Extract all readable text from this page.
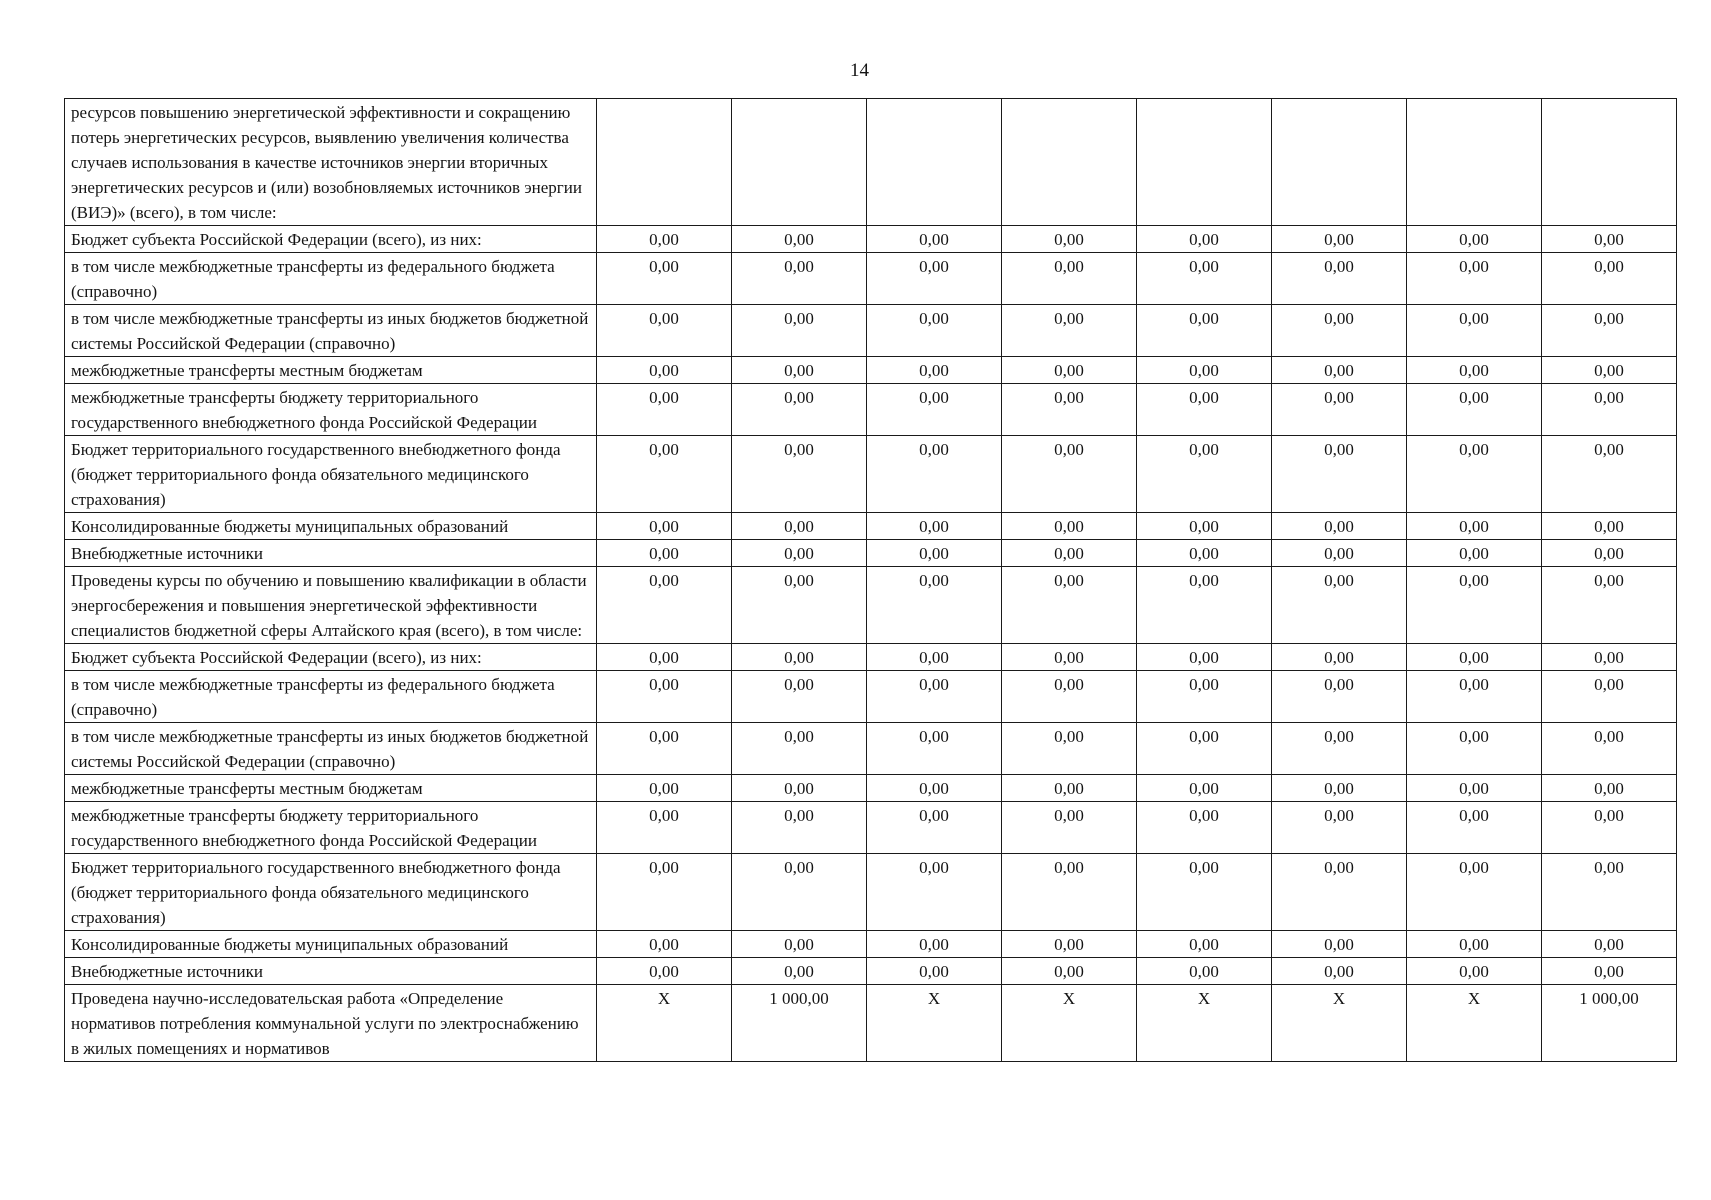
14
ресурсов повышению энергетической эффективности и сокращению потерь энергетических ресурсов, выявлению увеличения количества случаев использования в качестве источников энергии вторичных энергетических ресурсов и (или) возобновляемых источников энергии (ВИЭ)» (всего), в том числе:								
Бюджет субъекта Российской Федерации (всего), из них:	0,00	0,00	0,00	0,00	0,00	0,00	0,00	0,00
в том числе межбюджетные трансферты из федерального бюджета (справочно)	0,00	0,00	0,00	0,00	0,00	0,00	0,00	0,00
в том числе межбюджетные трансферты из иных бюджетов бюджетной системы Российской Федерации (справочно)	0,00	0,00	0,00	0,00	0,00	0,00	0,00	0,00
межбюджетные трансферты местным бюджетам	0,00	0,00	0,00	0,00	0,00	0,00	0,00	0,00
межбюджетные трансферты бюджету территориального государственного внебюджетного фонда Российской Федерации	0,00	0,00	0,00	0,00	0,00	0,00	0,00	0,00
Бюджет территориального государственного внебюджетного фонда (бюджет территориального фонда обязательного медицинского страхования)	0,00	0,00	0,00	0,00	0,00	0,00	0,00	0,00
Консолидированные бюджеты муниципальных образований	0,00	0,00	0,00	0,00	0,00	0,00	0,00	0,00
Внебюджетные источники	0,00	0,00	0,00	0,00	0,00	0,00	0,00	0,00
Проведены курсы по обучению и повышению квалификации в области энергосбережения и повышения энергетической эффективности специалистов бюджетной сферы Алтайского края (всего), в том числе:	0,00	0,00	0,00	0,00	0,00	0,00	0,00	0,00
Бюджет субъекта Российской Федерации (всего), из них:	0,00	0,00	0,00	0,00	0,00	0,00	0,00	0,00
в том числе межбюджетные трансферты из федерального бюджета (справочно)	0,00	0,00	0,00	0,00	0,00	0,00	0,00	0,00
в том числе межбюджетные трансферты из иных бюджетов бюджетной системы Российской Федерации (справочно)	0,00	0,00	0,00	0,00	0,00	0,00	0,00	0,00
межбюджетные трансферты местным бюджетам	0,00	0,00	0,00	0,00	0,00	0,00	0,00	0,00
межбюджетные трансферты бюджету территориального государственного внебюджетного фонда Российской Федерации	0,00	0,00	0,00	0,00	0,00	0,00	0,00	0,00
Бюджет территориального государственного внебюджетного фонда (бюджет территориального фонда обязательного медицинского страхования)	0,00	0,00	0,00	0,00	0,00	0,00	0,00	0,00
Консолидированные бюджеты муниципальных образований	0,00	0,00	0,00	0,00	0,00	0,00	0,00	0,00
Внебюджетные источники	0,00	0,00	0,00	0,00	0,00	0,00	0,00	0,00
Проведена научно-исследовательская работа «Определение нормативов потребления коммунальной услуги по электроснабжению в жилых помещениях и нормативов	X	1 000,00	X	X	X	X	X	1 000,00
